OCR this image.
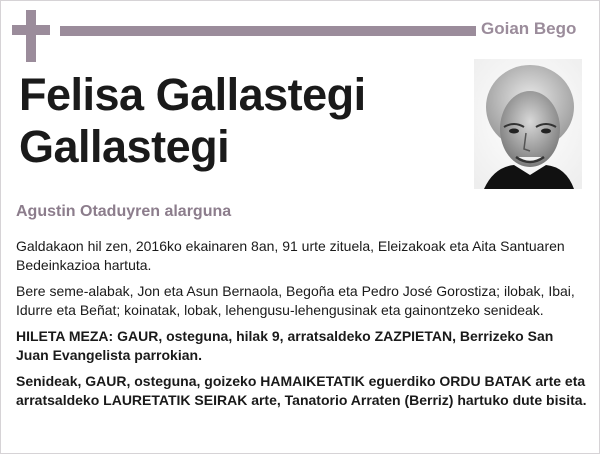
Goian Bego
Felisa Gallastegi
Gallastegi
Agustin Otaduyren alarguna

Galdakaon hil zen, 2016ko ekainaren 8an, 91 urte zituela, Eleizakoak eta Aita Santuaren Bedeinkazioa hartuta.

Bere seme-alabak, Jon eta Asun Bernaola, Begoña eta Pedro José Gorostiza; ilobak, Ibai, Idurre eta Beñat; koinatak, lobak, lehengusu-lehengusinak eta gainontzeko senideak.

HILETA MEZA: GAUR, osteguna, hilak 9, arratsaldeko ZAZPIETAN, Berrizeko San Juan Evangelista parrokian.

Senideak, GAUR, osteguna, goizeko HAMAIKETATIK eguerdiko ORDU BATAK arte eta arratsaldeko LAURETATIK SEIRAK arte, Tanatorio Arraten (Berriz) hartuko dute bisita.
